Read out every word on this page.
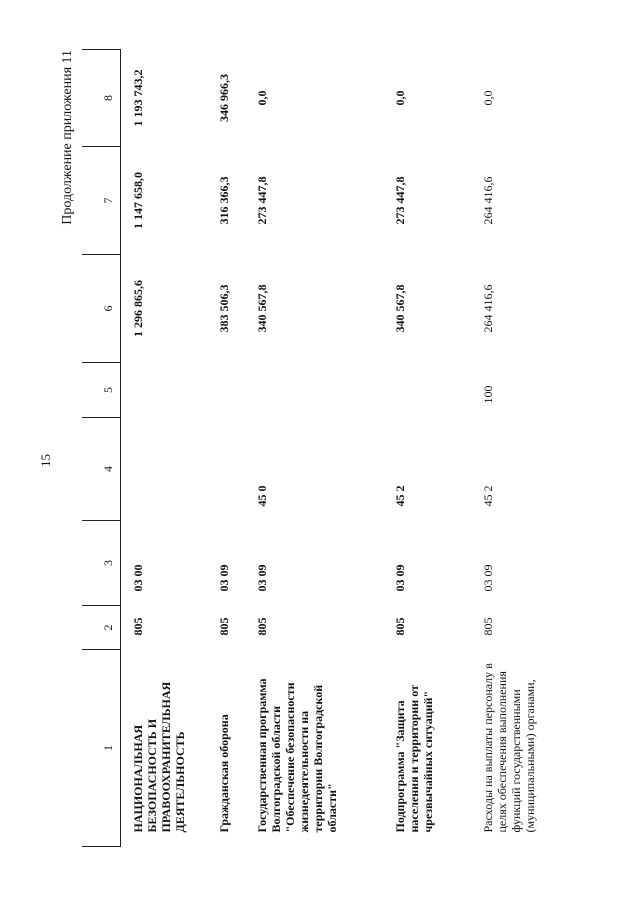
15
Продолжение приложения 11
1	2	3	4	5	6	7	8
НАЦИОНАЛЬНАЯ БЕЗОПАСНОСТЬ И ПРАВООХРАНИТЕЛЬНАЯ ДЕЯТЕЛЬНОСТЬ	805	03 00			1 296 865,6	1 147 658,0	1 193 743,2
Гражданская оборона	805	03 09			383 506,3	316 366,3	346 966,3
Государственная программа Волгоградской области "Обеспечение безопасности жизнедеятельности на территории Волгоградской области"	805	03 09	45 0		340 567,8	273 447,8	0,0
Подпрограмма "Защита населения и территории от чрезвычайных ситуаций"	805	03 09	45 2		340 567,8	273 447,8	0,0
Расходы на выплаты персоналу в целях обеспечения выполнения функций государственными (муниципальными) органами,	805	03 09	45 2	100	264 416,6	264 416,6	0,0
